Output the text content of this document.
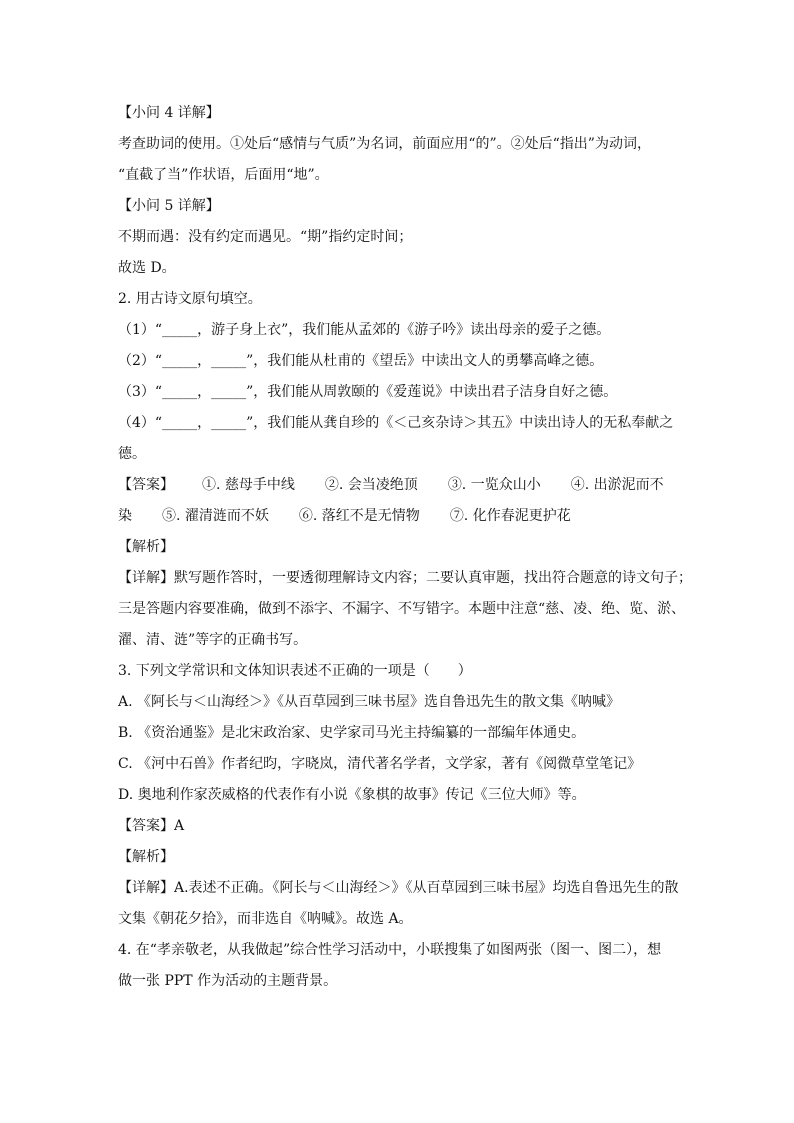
【小问 4 详解】
考查助词的使用。①处后“感情与气质”为名词，前面应用“的”。②处后“指出”为动词，
“直截了当”作状语，后面用“地”。
【小问 5 详解】
不期而遇：没有约定而遇见。“期”指约定时间；
故选 D。
2. 用古诗文原句填空。
（1）“_____，游子身上衣”，我们能从孟郊的《游子吟》读出母亲的爱子之德。
（2）“_____，_____”，我们能从杜甫的《望岳》中读出文人的勇攀高峰之德。
（3）“_____，_____”，我们能从周敦颐的《爱莲说》中读出君子洁身自好之德。
（4）“_____，_____”，我们能从龚自珍的《＜己亥杂诗＞其五》中读出诗人的无私奉献之
德。
【答案】 ①. 慈母手中线 ②. 会当凌绝顶 ③. 一览众山小 ④. 出淤泥而不
染 ⑤. 濯清涟而不妖 ⑥. 落红不是无情物 ⑦. 化作春泥更护花
【解析】
【详解】默写题作答时，一要透彻理解诗文内容；二要认真审题，找出符合题意的诗文句子；
三是答题内容要准确，做到不添字、不漏字、不写错字。本题中注意“慈、凌、绝、览、淤、
濯、清、涟”等字的正确书写。
3. 下列文学常识和文体知识表述不正确的一项是（　　）
A. 《阿长与＜山海经＞》《从百草园到三味书屋》选自鲁迅先生的散文集《呐喊》
B. 《资治通鉴》是北宋政治家、史学家司马光主持编纂的一部编年体通史。
C. 《河中石兽》作者纪昀，字晓岚，清代著名学者，文学家，著有《阅微草堂笔记》
D. 奥地利作家茨威格的代表作有小说《象棋的故事》传记《三位大师》等。
【答案】A
【解析】
【详解】A.表述不正确。《阿长与＜山海经＞》《从百草园到三味书屋》均选自鲁迅先生的散
文集《朝花夕拾》，而非选自《呐喊》。故选 A。
4. 在“孝亲敬老，从我做起”综合性学习活动中，小联搜集了如图两张（图一、图二），想
做一张 PPT 作为活动的主题背景。
